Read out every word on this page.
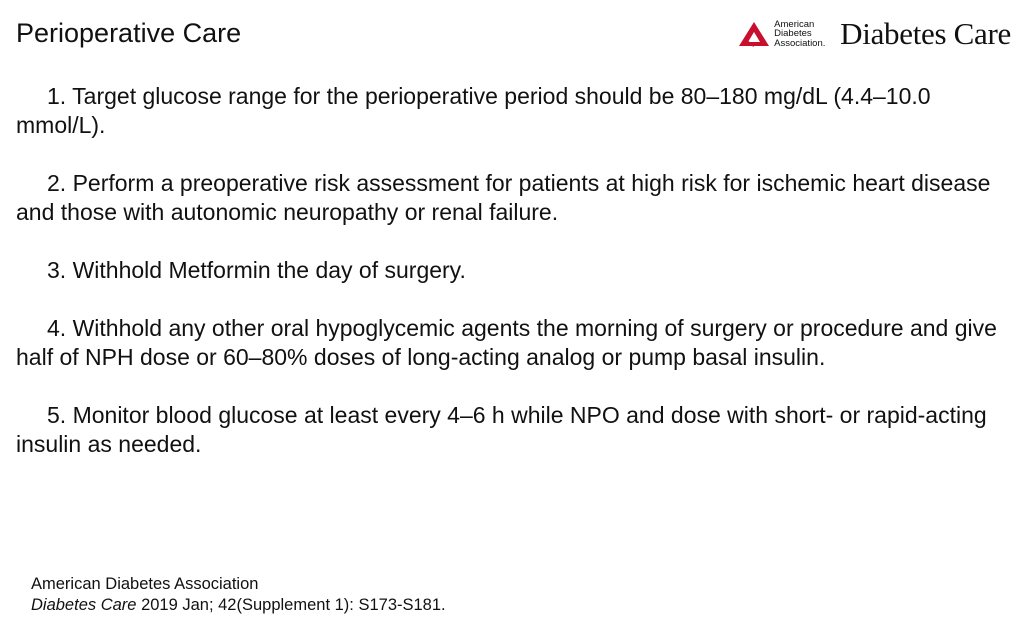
Perioperative Care	American
Diabetes
Association. Diabetes Care

1. Target glucose range for the perioperative period should be 80–180 mg/dL (4.4–10.0 mmol/L).

2. Perform a preoperative risk assessment for patients at high risk for ischemic heart disease and those with autonomic neuropathy or renal failure.

3. Withhold Metformin the day of surgery.

4. Withhold any other oral hypoglycemic agents the morning of surgery or procedure and give half of NPH dose or 60–80% doses of long-acting analog or pump basal insulin.

5. Monitor blood glucose at least every 4–6 h while NPO and dose with short- or rapid-acting insulin as needed.

American Diabetes Association
Diabetes Care 2019 Jan; 42(Supplement 1): S173-S181.
